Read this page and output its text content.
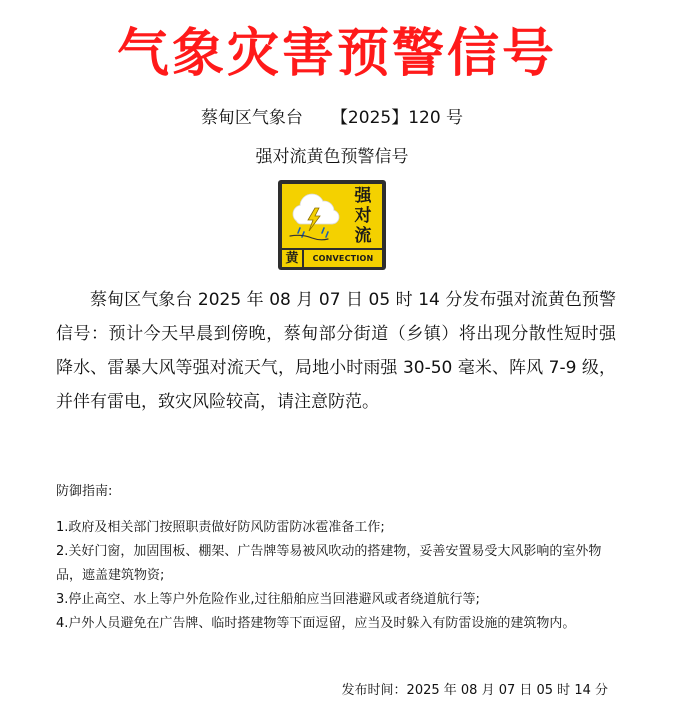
气象灾害预警信号
蔡甸区气象台 【2025】120 号
强对流黄色预警信号
强
对
流
黄	CONVECTION
蔡甸区气象台 2025 年 08 月 07 日 05 时 14 分发布强对流黄色预警信号：预计今天早晨到傍晚，蔡甸部分街道（乡镇）将出现分散性短时强降水、雷暴大风等强对流天气，局地小时雨强 30-50 毫米、阵风 7-9 级，并伴有雷电，致灾风险较高，请注意防范。
防御指南:

1.政府及相关部门按照职责做好防风防雷防冰雹准备工作;

2.关好门窗，加固围板、棚架、广告牌等易被风吹动的搭建物，妥善安置易受大风影响的室外物品，遮盖建筑物资;

3.停止高空、水上等户外危险作业,过往船舶应当回港避风或者绕道航行等;

4.户外人员避免在广告牌、临时搭建物等下面逗留，应当及时躲入有防雷设施的建筑物内。

发布时间：2025 年 08 月 07 日 05 时 14 分
